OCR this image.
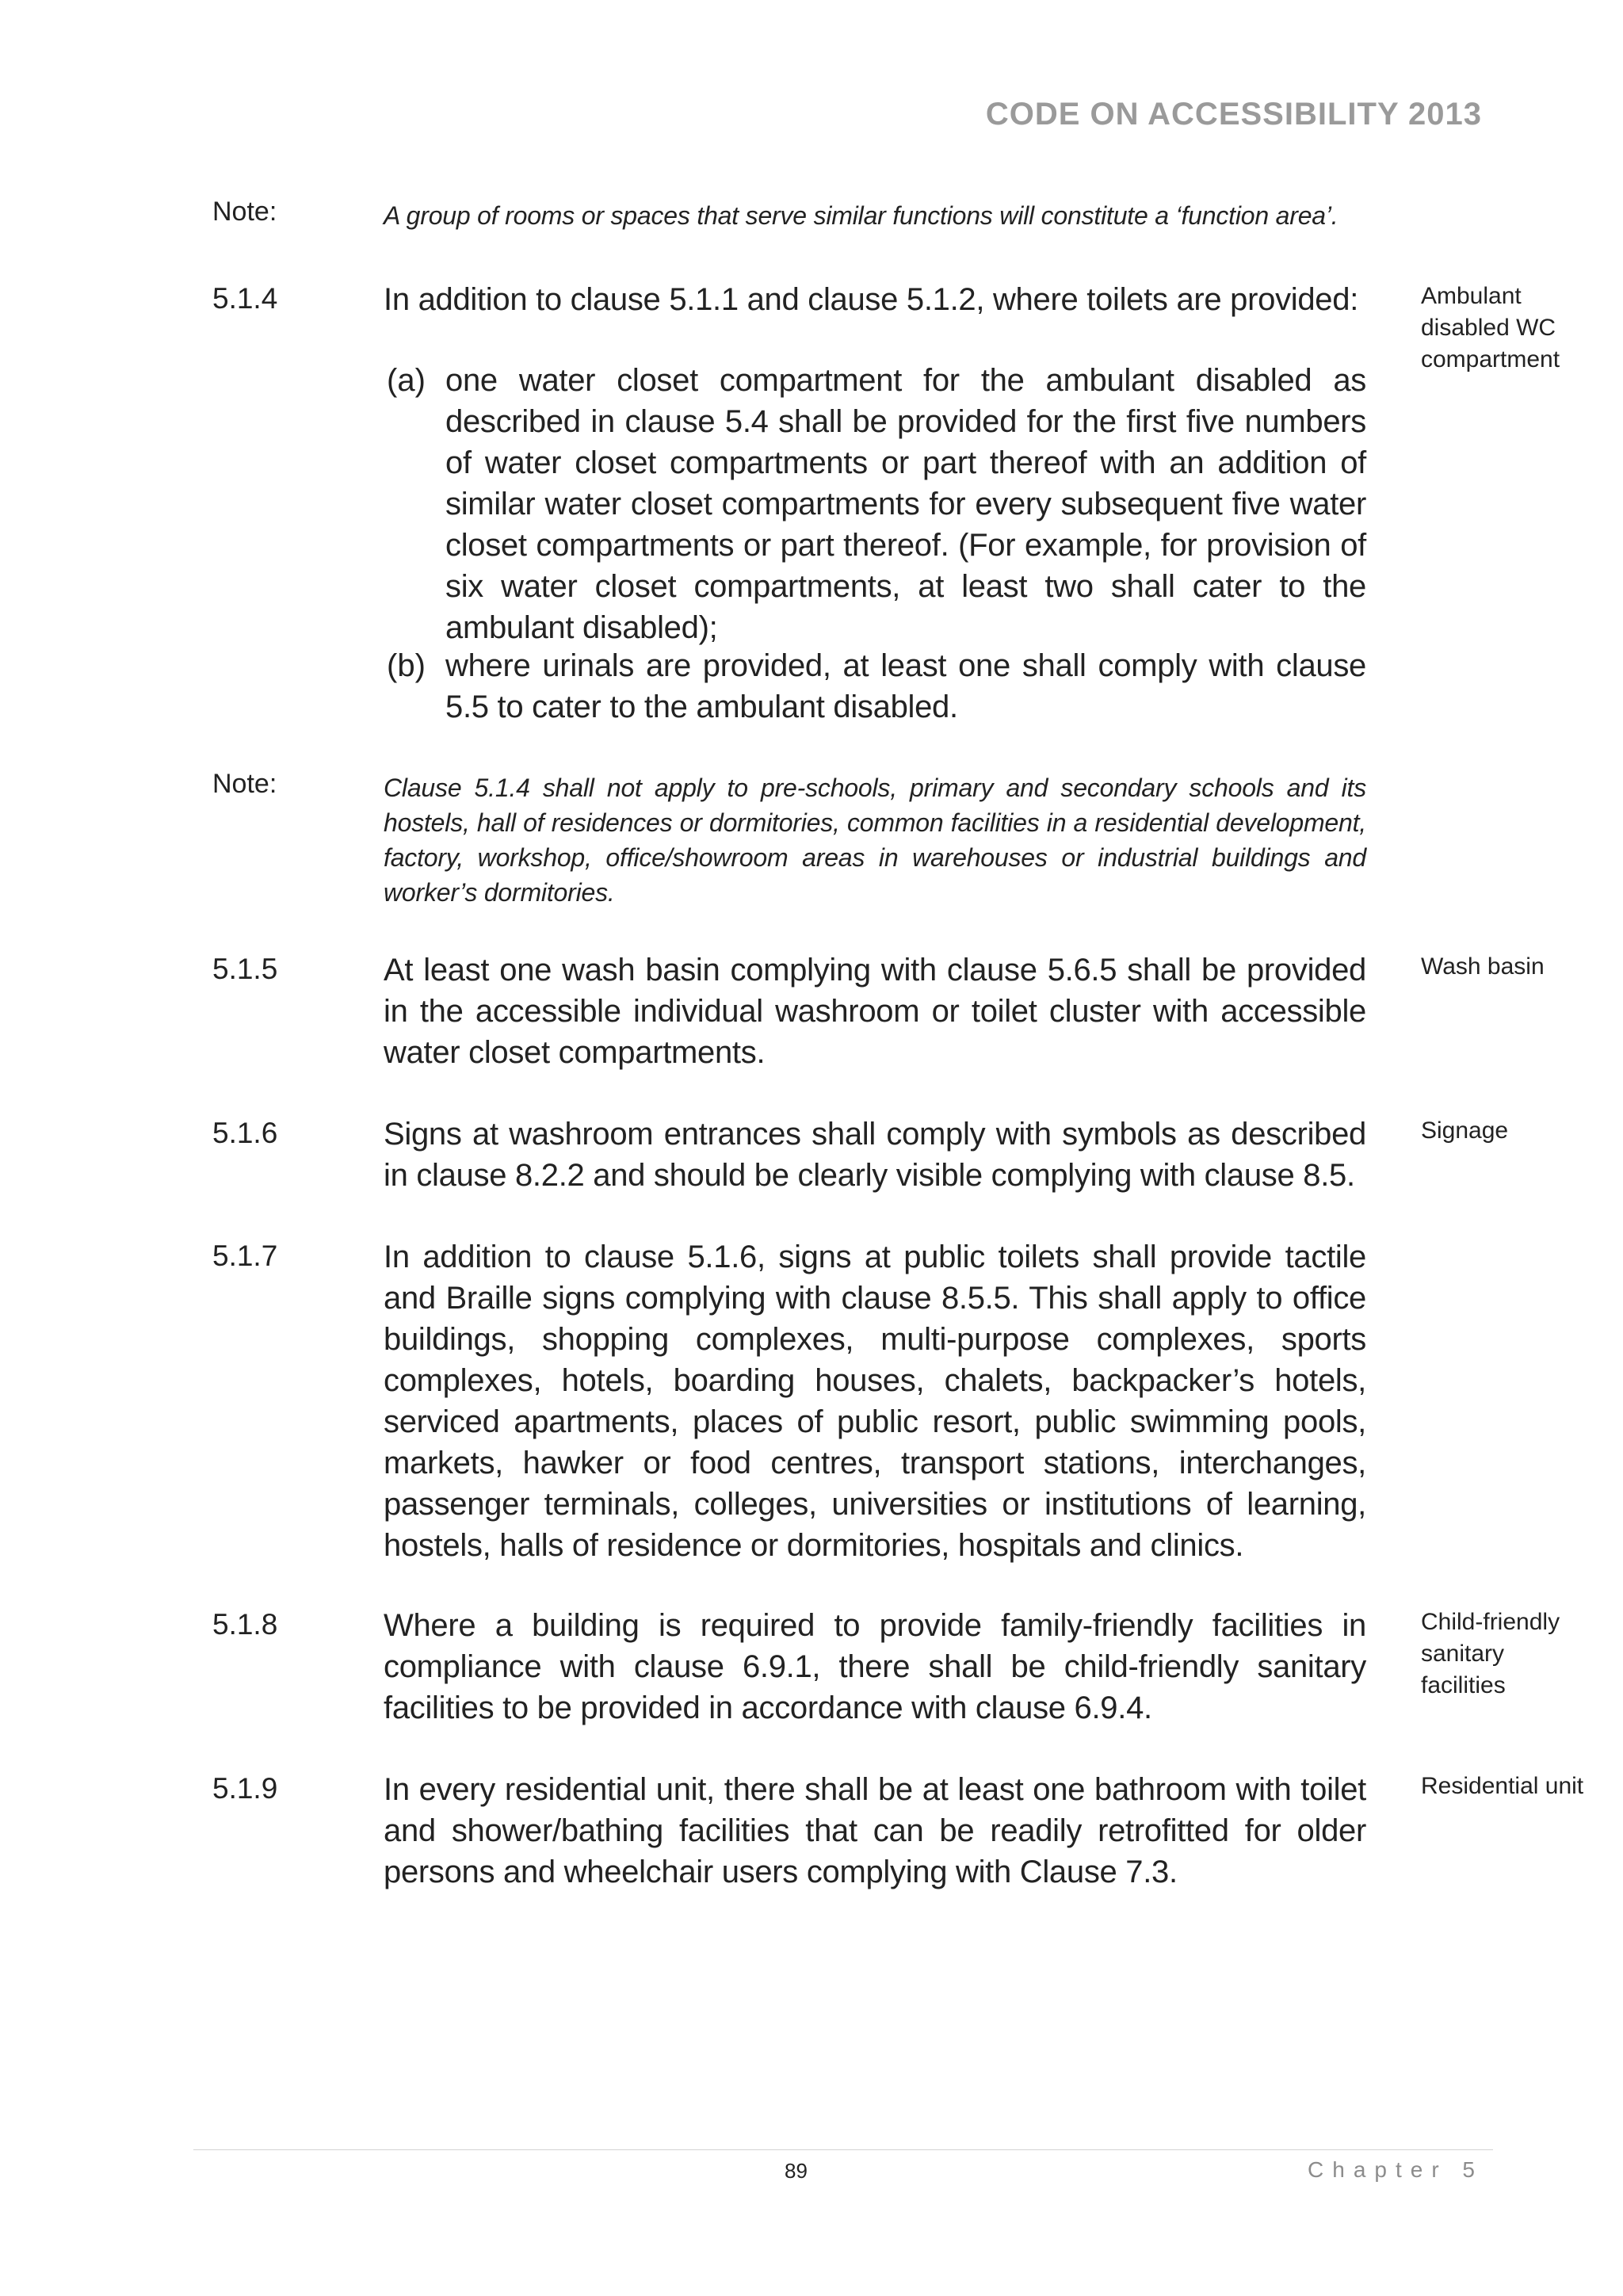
CODE ON ACCESSIBILITY 2013
Note:	A group of rooms or spaces that serve similar functions will constitute a ‘function area’.
5.1.4	In addition to clause 5.1.1 and clause 5.1.2, where toilets are provided:	Ambulant disabled WC compartment
(a) one water closet compartment for the ambulant disabled as described in clause 5.4 shall be provided for the first five numbers of water closet compartments or part thereof with an addition of similar water closet compartments for every subsequent five water closet compartments or part thereof. (For example, for provision of six water closet compartments, at least two shall cater to the ambulant disabled);
(b) where urinals are provided, at least one shall comply with clause 5.5 to cater to the ambulant disabled.
Note:	Clause 5.1.4 shall not apply to pre-schools, primary and secondary schools and its hostels, hall of residences or dormitories, common facilities in a residential development, factory, workshop, office/showroom areas in warehouses or industrial buildings and worker’s dormitories.
5.1.5	At least one wash basin complying with clause 5.6.5 shall be provided in the accessible individual washroom or toilet cluster with accessible water closet compartments.
Wash basin
5.1.6	Signs at washroom entrances shall comply with symbols as described in clause 8.2.2 and should be clearly visible complying with clause 8.5.
Signage
5.1.7	In addition to clause 5.1.6, signs at public toilets shall provide tactile and Braille signs complying with clause 8.5.5. This shall apply to office buildings, shopping complexes, multi-purpose complexes, sports complexes, hotels, boarding houses, chalets, backpacker’s hotels, serviced apartments, places of public resort, public swimming pools, markets, hawker or food centres, transport stations, interchanges, passenger terminals, colleges, universities or institutions of learning, hostels, halls of residence or dormitories, hospitals and clinics.
5.1.8	Where a building is required to provide family-friendly facilities in compliance with clause 6.9.1, there shall be child-friendly sanitary facilities to be provided in accordance with clause 6.9.4.
Child-friendly sanitary facilities
5.1.9	In every residential unit, there shall be at least one bathroom with toilet and shower/bathing facilities that can be readily retrofitted for older persons and wheelchair users complying with Clause 7.3.
Residential unit
89	Chapter 5
